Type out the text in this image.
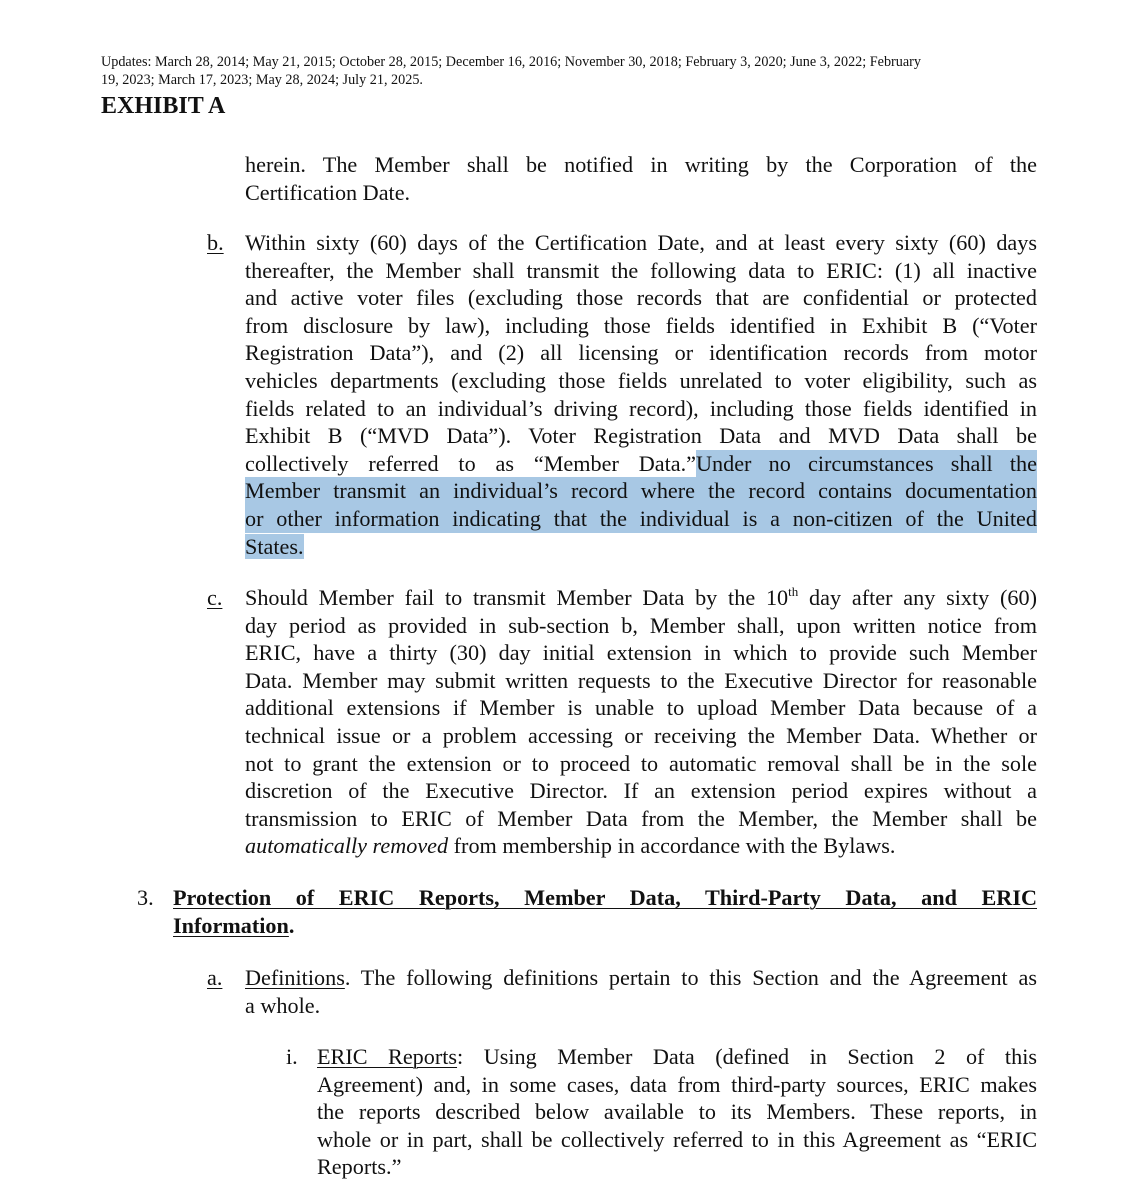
Updates: March 28, 2014; May 21, 2015; October 28, 2015; December 16, 2016; November 30, 2018; February 3, 2020; June 3, 2022; February
19, 2023; March 17, 2023; May 28, 2024; July 21, 2025.

EXHIBIT A
herein. The Member shall be notified in writing by the Corporation of the
Certification Date.
b. Within sixty (60) days of the Certification Date, and at least every sixty (60) days
thereafter, the Member shall transmit the following data to ERIC: (1) all inactive
and active voter files (excluding those records that are confidential or protected
from disclosure by law), including those fields identified in Exhibit B (“Voter
Registration Data”), and (2) all licensing or identification records from motor
vehicles departments (excluding those fields unrelated to voter eligibility, such as
fields related to an individual’s driving record), including those fields identified in
Exhibit B (“MVD Data”). Voter Registration Data and MVD Data shall be
collectively referred to as “Member Data.” Under no circumstances shall the
Member transmit an individual’s record where the record contains documentation
or other information indicating that the individual is a non-citizen of the United
States.
c. Should Member fail to transmit Member Data by the 10th day after any sixty (60)
day period as provided in sub-section b, Member shall, upon written notice from
ERIC, have a thirty (30) day initial extension in which to provide such Member
Data. Member may submit written requests to the Executive Director for reasonable
additional extensions if Member is unable to upload Member Data because of a
technical issue or a problem accessing or receiving the Member Data. Whether or
not to grant the extension or to proceed to automatic removal shall be in the sole
discretion of the Executive Director. If an extension period expires without a
transmission to ERIC of Member Data from the Member, the Member shall be
automatically removed from membership in accordance with the Bylaws.
3. Protection of ERIC Reports, Member Data, Third-Party Data, and ERIC
Information.
a. Definitions. The following definitions pertain to this Section and the Agreement as
a whole.
i. ERIC Reports: Using Member Data (defined in Section 2 of this
Agreement) and, in some cases, data from third-party sources, ERIC makes
the reports described below available to its Members. These reports, in
whole or in part, shall be collectively referred to in this Agreement as “ERIC
Reports.”
